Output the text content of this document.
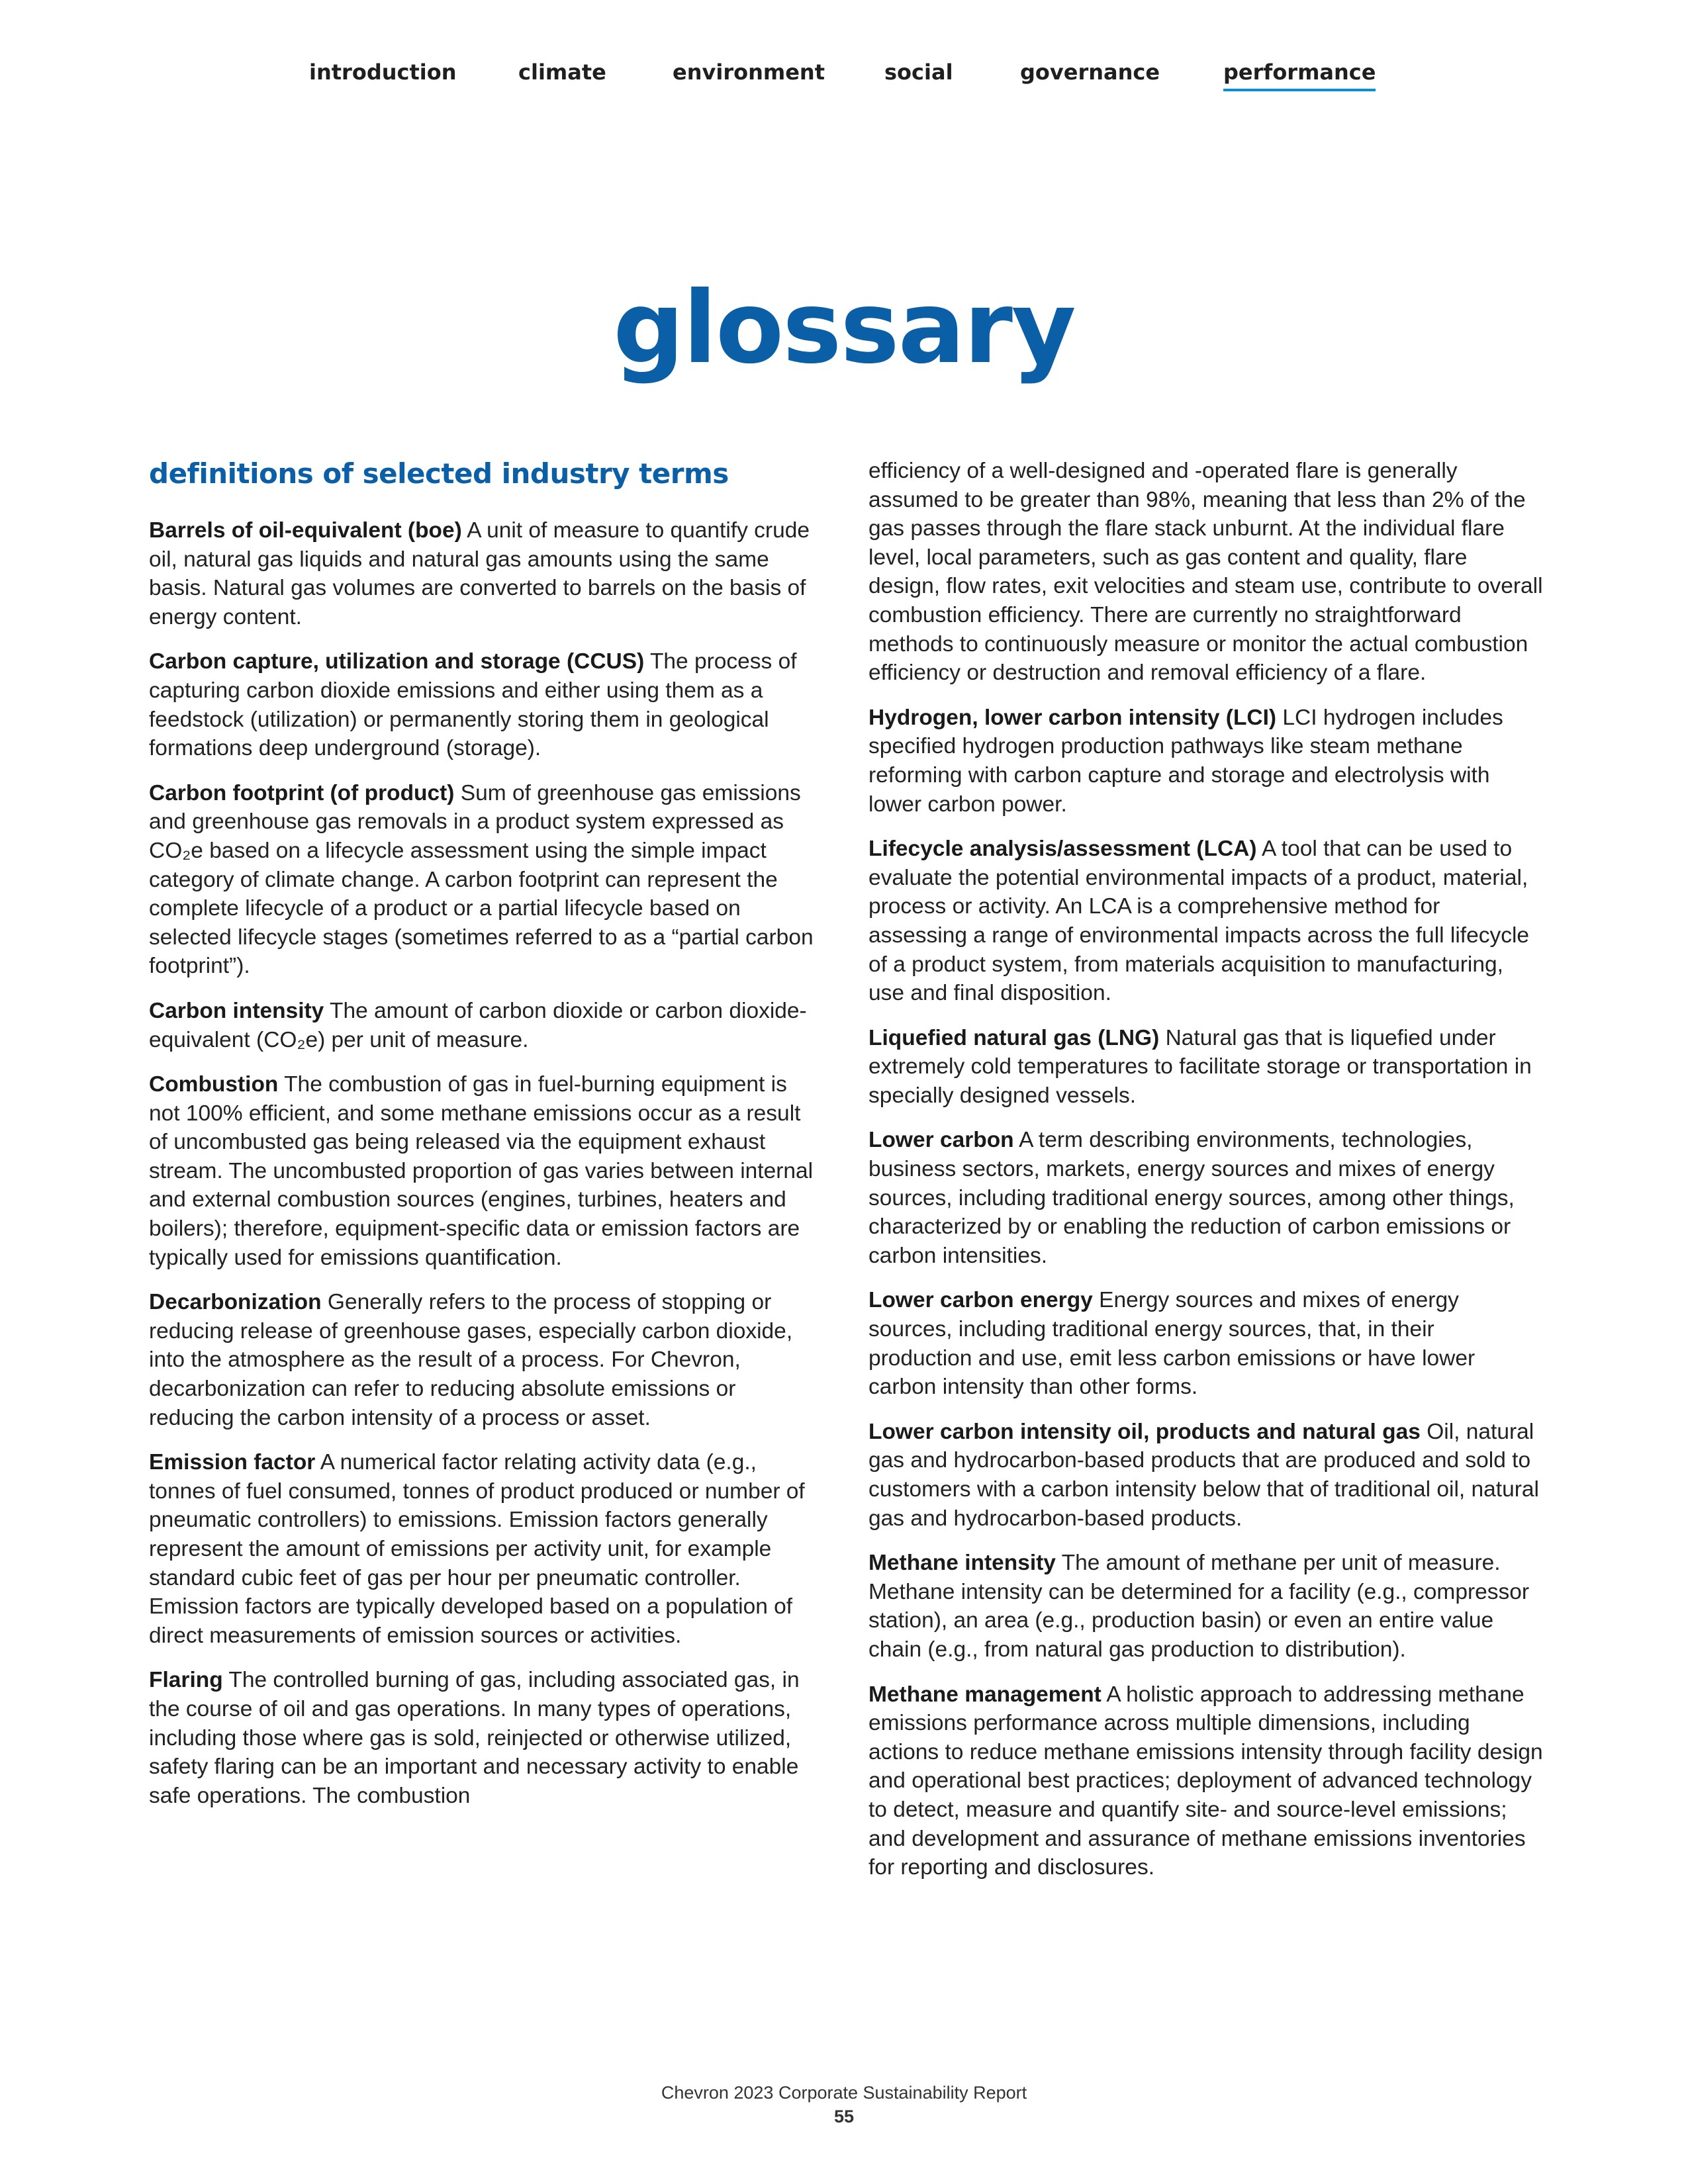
introduction	climate	environment	social	governance	performance
glossary
definitions of selected industry terms

Barrels of oil-equivalent (boe) A unit of measure to quantify crude oil, natural gas liquids and natural gas amounts using the same basis. Natural gas volumes are converted to barrels on the basis of energy content.

Carbon capture, utilization and storage (CCUS) The process of capturing carbon dioxide emissions and either using them as a feedstock (utilization) or permanently storing them in geological formations deep underground (storage).

Carbon footprint (of product) Sum of greenhouse gas emissions and greenhouse gas removals in a product system expressed as CO₂e based on a lifecycle assessment using the simple impact category of climate change. A carbon footprint can represent the complete lifecycle of a product or a partial lifecycle based on selected lifecycle stages (sometimes referred to as a “partial carbon footprint”).

Carbon intensity The amount of carbon dioxide or carbon dioxide-equivalent (CO₂e) per unit of measure.

Combustion The combustion of gas in fuel-burning equipment is not 100% efficient, and some methane emissions occur as a result of uncombusted gas being released via the equipment exhaust stream. The uncombusted proportion of gas varies between internal and external combustion sources (engines, turbines, heaters and boilers); therefore, equipment-specific data or emission factors are typically used for emissions quantification.

Decarbonization Generally refers to the process of stopping or reducing release of greenhouse gases, especially carbon dioxide, into the atmosphere as the result of a process. For Chevron, decarbonization can refer to reducing absolute emissions or reducing the carbon intensity of a process or asset.

Emission factor A numerical factor relating activity data (e.g., tonnes of fuel consumed, tonnes of product produced or number of pneumatic controllers) to emissions. Emission factors generally represent the amount of emissions per activity unit, for example standard cubic feet of gas per hour per pneumatic controller. Emission factors are typically developed based on a population of direct measurements of emission sources or activities.

Flaring The controlled burning of gas, including associated gas, in the course of oil and gas operations. In many types of operations, including those where gas is sold, reinjected or otherwise utilized, safety flaring can be an important and necessary activity to enable safe operations. The combustion

efficiency of a well-designed and -operated flare is generally assumed to be greater than 98%, meaning that less than 2% of the gas passes through the flare stack unburnt. At the individual flare level, local parameters, such as gas content and quality, flare design, flow rates, exit velocities and steam use, contribute to overall combustion efficiency. There are currently no straightforward methods to continuously measure or monitor the actual combustion efficiency or destruction and removal efficiency of a flare.

Hydrogen, lower carbon intensity (LCI) LCI hydrogen includes specified hydrogen production pathways like steam methane reforming with carbon capture and storage and electrolysis with lower carbon power.

Lifecycle analysis/assessment (LCA) A tool that can be used to evaluate the potential environmental impacts of a product, material, process or activity. An LCA is a comprehensive method for assessing a range of environmental impacts across the full lifecycle of a product system, from materials acquisition to manufacturing, use and final disposition.

Liquefied natural gas (LNG) Natural gas that is liquefied under extremely cold temperatures to facilitate storage or transportation in specially designed vessels.

Lower carbon A term describing environments, technologies, business sectors, markets, energy sources and mixes of energy sources, including traditional energy sources, among other things, characterized by or enabling the reduction of carbon emissions or carbon intensities.

Lower carbon energy Energy sources and mixes of energy sources, including traditional energy sources, that, in their production and use, emit less carbon emissions or have lower carbon intensity than other forms.

Lower carbon intensity oil, products and natural gas Oil, natural gas and hydrocarbon-based products that are produced and sold to customers with a carbon intensity below that of traditional oil, natural gas and hydrocarbon-based products.

Methane intensity The amount of methane per unit of measure. Methane intensity can be determined for a facility (e.g., compressor station), an area (e.g., production basin) or even an entire value chain (e.g., from natural gas production to distribution).

Methane management A holistic approach to addressing methane emissions performance across multiple dimensions, including actions to reduce methane emissions intensity through facility design and operational best practices; deployment of advanced technology to detect, measure and quantify site- and source-level emissions; and development and assurance of methane emissions inventories for reporting and disclosures.

Chevron 2023 Corporate Sustainability Report
55
